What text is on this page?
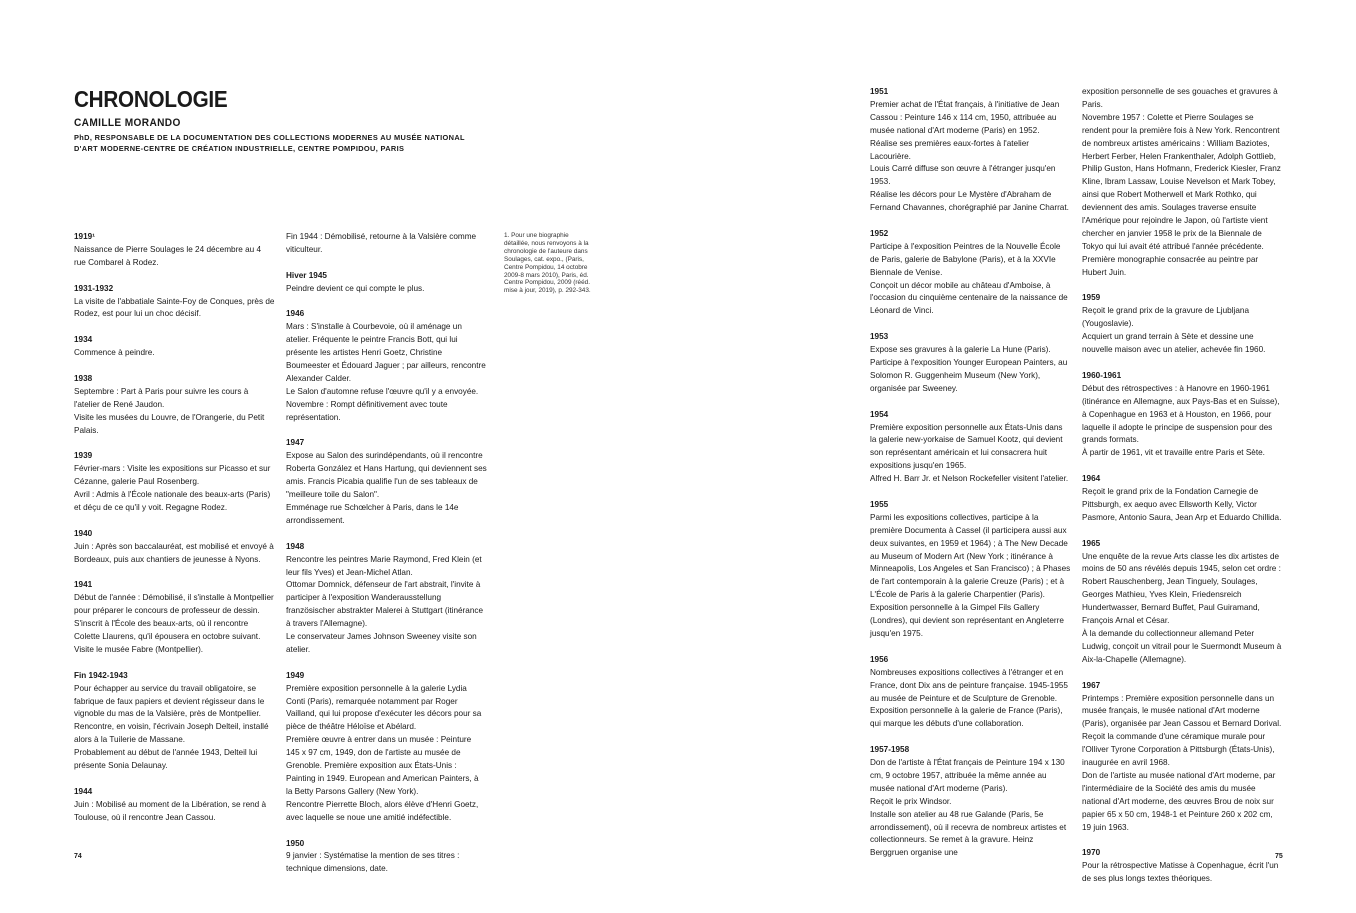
CHRONOLOGIE
CAMILLE MORANDO
PhD, RESPONSABLE DE LA DOCUMENTATION DES COLLECTIONS MODERNES AU MUSÉE NATIONAL
D'ART MODERNE-CENTRE DE CRÉATION INDUSTRIELLE, CENTRE POMPIDOU, PARIS
1919¹

Naissance de Pierre Soulages le 24 décembre au 4 rue Combarel à Rodez.

1931-1932

La visite de l'abbatiale Sainte-Foy de Conques, près de Rodez, est pour lui un choc décisif.

1934

Commence à peindre.

1938

Septembre : Part à Paris pour suivre les cours à l'atelier de René Jaudon.

Visite les musées du Louvre, de l'Orangerie, du Petit Palais.

1939

Février-mars : Visite les expositions sur Picasso et sur Cézanne, galerie Paul Rosenberg.

Avril : Admis à l'École nationale des beaux-arts (Paris) et déçu de ce qu'il y voit. Regagne Rodez.

1940

Juin : Après son baccalauréat, est mobilisé et envoyé à Bordeaux, puis aux chantiers de jeunesse à Nyons.

1941

Début de l'année : Démobilisé, il s'installe à Montpellier pour préparer le concours de professeur de dessin.

S'inscrit à l'École des beaux-arts, où il rencontre Colette Llaurens, qu'il épousera en octobre suivant.

Visite le musée Fabre (Montpellier).

Fin 1942-1943

Pour échapper au service du travail obligatoire, se fabrique de faux papiers et devient régisseur dans le vignoble du mas de la Valsière, près de Montpellier.

Rencontre, en voisin, l'écrivain Joseph Delteil, installé alors à la Tuilerie de Massane.

Probablement au début de l'année 1943, Delteil lui présente Sonia Delaunay.

1944

Juin : Mobilisé au moment de la Libération, se rend à Toulouse, où il rencontre Jean Cassou.

Fin 1944 : Démobilisé, retourne à la Valsière comme viticulteur.

Hiver 1945

Peindre devient ce qui compte le plus.

1946

Mars : S'installe à Courbevoie, où il aménage un atelier. Fréquente le peintre Francis Bott, qui lui présente les artistes Henri Goetz, Christine Boumeester et Édouard Jaguer ; par ailleurs, rencontre Alexander Calder.

Le Salon d'automne refuse l'œuvre qu'il y a envoyée.

Novembre : Rompt définitivement avec toute représentation.

1947

Expose au Salon des surindépendants, où il rencontre Roberta González et Hans Hartung, qui deviennent ses amis. Francis Picabia qualifie l'un de ses tableaux de "meilleure toile du Salon".

Emménage rue Schœlcher à Paris, dans le 14e arrondissement.

1948

Rencontre les peintres Marie Raymond, Fred Klein (et leur fils Yves) et Jean-Michel Atlan.

Ottomar Domnick, défenseur de l'art abstrait, l'invite à participer à l'exposition Wanderausstellung französischer abstrakter Malerei à Stuttgart (itinérance à travers l'Allemagne).

Le conservateur James Johnson Sweeney visite son atelier.

1949

Première exposition personnelle à la galerie Lydia Conti (Paris), remarquée notamment par Roger Vailland, qui lui propose d'exécuter les décors pour sa pièce de théâtre Héloïse et Abélard.

Première œuvre à entrer dans un musée : Peinture 145 x 97 cm, 1949, don de l'artiste au musée de Grenoble. Première exposition aux États-Unis : Painting in 1949. European and American Painters, à la Betty Parsons Gallery (New York).

Rencontre Pierrette Bloch, alors élève d'Henri Goetz, avec laquelle se noue une amitié indéfectible.

1950

9 janvier : Systématise la mention de ses titres : technique dimensions, date.

1. Pour une biographie détaillée, nous renvoyons à la chronologie de l'auteure dans Soulages, cat. expo., (Paris, Centre Pompidou, 14 octobre 2009-8 mars 2010), Paris, éd. Centre Pompidou, 2009 (rééd. mise à jour, 2019), p. 292-343.
1951

Premier achat de l'État français, à l'initiative de Jean Cassou : Peinture 146 x 114 cm, 1950, attribuée au musée national d'Art moderne (Paris) en 1952.

Réalise ses premières eaux-fortes à l'atelier Lacourière.

Louis Carré diffuse son œuvre à l'étranger jusqu'en 1953.

Réalise les décors pour Le Mystère d'Abraham de Fernand Chavannes, chorégraphié par Janine Charrat.

1952

Participe à l'exposition Peintres de la Nouvelle École de Paris, galerie de Babylone (Paris), et à la XXVIe Biennale de Venise.

Conçoit un décor mobile au château d'Amboise, à l'occasion du cinquième centenaire de la naissance de Léonard de Vinci.

1953

Expose ses gravures à la galerie La Hune (Paris).

Participe à l'exposition Younger European Painters, au Solomon R. Guggenheim Museum (New York), organisée par Sweeney.

1954

Première exposition personnelle aux États-Unis dans la galerie new-yorkaise de Samuel Kootz, qui devient son représentant américain et lui consacrera huit expositions jusqu'en 1965.

Alfred H. Barr Jr. et Nelson Rockefeller visitent l'atelier.

1955

Parmi les expositions collectives, participe à la première Documenta à Cassel (il participera aussi aux deux suivantes, en 1959 et 1964) ; à The New Decade au Museum of Modern Art (New York ; itinérance à Minneapolis, Los Angeles et San Francisco) ; à Phases de l'art contemporain à la galerie Creuze (Paris) ; et à L'École de Paris à la galerie Charpentier (Paris).

Exposition personnelle à la Gimpel Fils Gallery (Londres), qui devient son représentant en Angleterre jusqu'en 1975.

1956

Nombreuses expositions collectives à l'étranger et en France, dont Dix ans de peinture française. 1945-1955 au musée de Peinture et de Sculpture de Grenoble.

Exposition personnelle à la galerie de France (Paris), qui marque les débuts d'une collaboration.

1957-1958

Don de l'artiste à l'État français de Peinture 194 x 130 cm, 9 octobre 1957, attribuée la même année au musée national d'Art moderne (Paris).

Reçoit le prix Windsor.

Installe son atelier au 48 rue Galande (Paris, 5e arrondissement), où il recevra de nombreux artistes et collectionneurs. Se remet à la gravure. Heinz Berggruen organise une

exposition personnelle de ses gouaches et gravures à Paris.

Novembre 1957 : Colette et Pierre Soulages se rendent pour la première fois à New York. Rencontrent de nombreux artistes américains : William Baziotes, Herbert Ferber, Helen Frankenthaler, Adolph Gottlieb, Philip Guston, Hans Hofmann, Frederick Kiesler, Franz Kline, Ibram Lassaw, Louise Nevelson et Mark Tobey, ainsi que Robert Motherwell et Mark Rothko, qui deviennent des amis. Soulages traverse ensuite l'Amérique pour rejoindre le Japon, où l'artiste vient chercher en janvier 1958 le prix de la Biennale de Tokyo qui lui avait été attribué l'année précédente.

Première monographie consacrée au peintre par Hubert Juin.

1959

Reçoit le grand prix de la gravure de Ljubljana (Yougoslavie).

Acquiert un grand terrain à Sète et dessine une nouvelle maison avec un atelier, achevée fin 1960.

1960-1961

Début des rétrospectives : à Hanovre en 1960-1961 (itinérance en Allemagne, aux Pays-Bas et en Suisse), à Copenhague en 1963 et à Houston, en 1966, pour laquelle il adopte le principe de suspension pour des grands formats.

À partir de 1961, vit et travaille entre Paris et Sète.

1964

Reçoit le grand prix de la Fondation Carnegie de Pittsburgh, ex aequo avec Ellsworth Kelly, Victor Pasmore, Antonio Saura, Jean Arp et Eduardo Chillida.

1965

Une enquête de la revue Arts classe les dix artistes de moins de 50 ans révélés depuis 1945, selon cet ordre : Robert Rauschenberg, Jean Tinguely, Soulages, Georges Mathieu, Yves Klein, Friedensreich Hundertwasser, Bernard Buffet, Paul Guiramand, François Arnal et César.

À la demande du collectionneur allemand Peter Ludwig, conçoit un vitrail pour le Suermondt Museum à Aix-la-Chapelle (Allemagne).

1967

Printemps : Première exposition personnelle dans un musée français, le musée national d'Art moderne (Paris), organisée par Jean Cassou et Bernard Dorival.

Reçoit la commande d'une céramique murale pour l'Olliver Tyrone Corporation à Pittsburgh (États-Unis), inaugurée en avril 1968.

Don de l'artiste au musée national d'Art moderne, par l'intermédiaire de la Société des amis du musée national d'Art moderne, des œuvres Brou de noix sur papier 65 x 50 cm, 1948-1 et Peinture 260 x 202 cm, 19 juin 1963.

1970

Pour la rétrospective Matisse à Copenhague, écrit l'un de ses plus longs textes théoriques.

74	75
